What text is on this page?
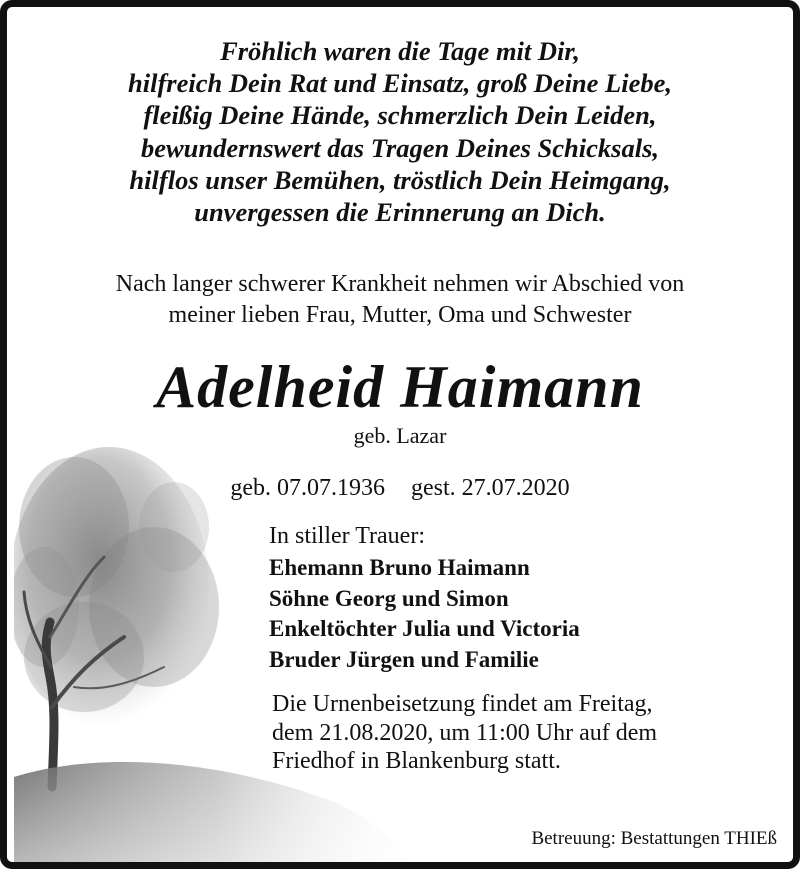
Fröhlich waren die Tage mit Dir,
hilfreich Dein Rat und Einsatz, groß Deine Liebe,
fleißig Deine Hände, schmerzlich Dein Leiden,
bewundernswert das Tragen Deines Schicksals,
hilflos unser Bemühen, tröstlich Dein Heimgang,
unvergessen die Erinnerung an Dich.
Nach langer schwerer Krankheit nehmen wir Abschied von
meiner lieben Frau, Mutter, Oma und Schwester
Adelheid Haimann
geb. Lazar
geb. 07.07.1936 gest. 27.07.2020
In stiller Trauer:
Ehemann Bruno Haimann
Söhne Georg und Simon
Enkeltöchter Julia und Victoria
Bruder Jürgen und Familie
Die Urnenbeisetzung findet am Freitag,
dem 21.08.2020, um 11:00 Uhr auf dem
Friedhof in Blankenburg statt.
Betreuung: Bestattungen THIEß
